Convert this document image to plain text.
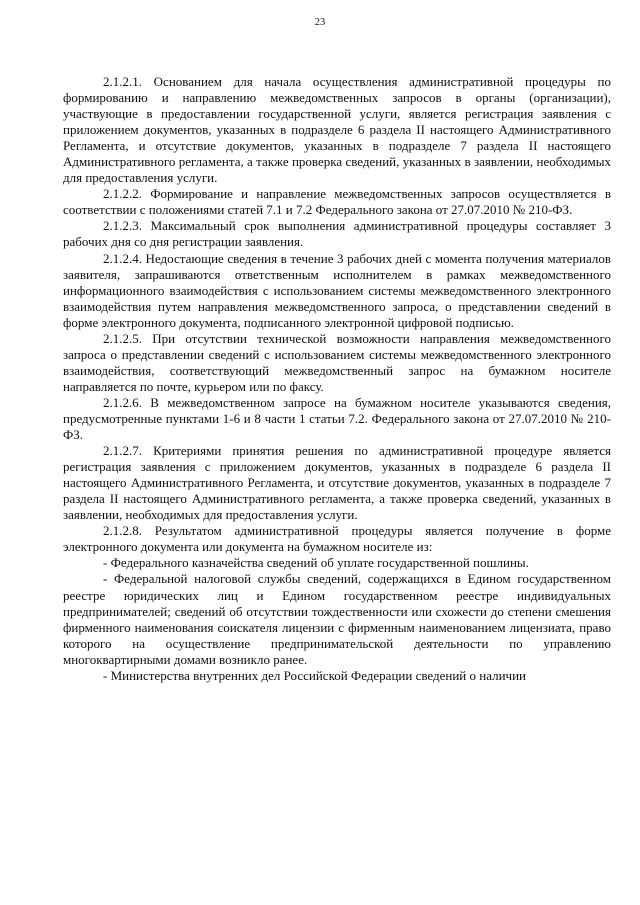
23

2.1.2.1. Основанием для начала осуществления административной процедуры по формированию и направлению межведомственных запросов в органы (организации), участвующие в предоставлении государственной услуги, является регистрация заявления с приложением документов, указанных в подразделе 6 раздела II настоящего Административного Регламента, и отсутствие документов, указанных в подразделе 7 раздела II настоящего Административного регламента, а также проверка сведений, указанных в заявлении, необходимых для предоставления услуги.

2.1.2.2. Формирование и направление межведомственных запросов осуществляется в соответствии с положениями статей 7.1 и 7.2 Федерального закона от 27.07.2010 № 210-ФЗ.

2.1.2.3. Максимальный срок выполнения административной процедуры составляет 3 рабочих дня со дня регистрации заявления.

2.1.2.4. Недостающие сведения в течение 3 рабочих дней с момента получения материалов заявителя, запрашиваются ответственным исполнителем в рамках межведомственного информационного взаимодействия с использованием системы межведомственного электронного взаимодействия путем направления межведомственного запроса, о представлении сведений в форме электронного документа, подписанного электронной цифровой подписью.

2.1.2.5. При отсутствии технической возможности направления межведомственного запроса о представлении сведений с использованием системы межведомственного электронного взаимодействия, соответствующий межведомственный запрос на бумажном носителе направляется по почте, курьером или по факсу.

2.1.2.6. В межведомственном запросе на бумажном носителе указываются сведения, предусмотренные пунктами 1-6 и 8 части 1 статьи 7.2. Федерального закона от 27.07.2010 № 210-ФЗ.

2.1.2.7. Критериями принятия решения по административной процедуре является регистрация заявления с приложением документов, указанных в подразделе 6 раздела II настоящего Административного Регламента, и отсутствие документов, указанных в подразделе 7 раздела II настоящего Административного регламента, а также проверка сведений, указанных в заявлении, необходимых для предоставления услуги.

2.1.2.8. Результатом административной процедуры является получение в форме электронного документа или документа на бумажном носителе из:

- Федерального казначейства сведений об уплате государственной пошлины.

- Федеральной налоговой службы сведений, содержащихся в Едином государственном реестре юридических лиц и Едином государственном реестре индивидуальных предпринимателей; сведений об отсутствии тождественности или схожести до степени смешения фирменного наименования соискателя лицензии с фирменным наименованием лицензиата, право которого на осуществление предпринимательской деятельности по управлению многоквартирными домами возникло ранее.

- Министерства внутренних дел Российской Федерации сведений о наличии
